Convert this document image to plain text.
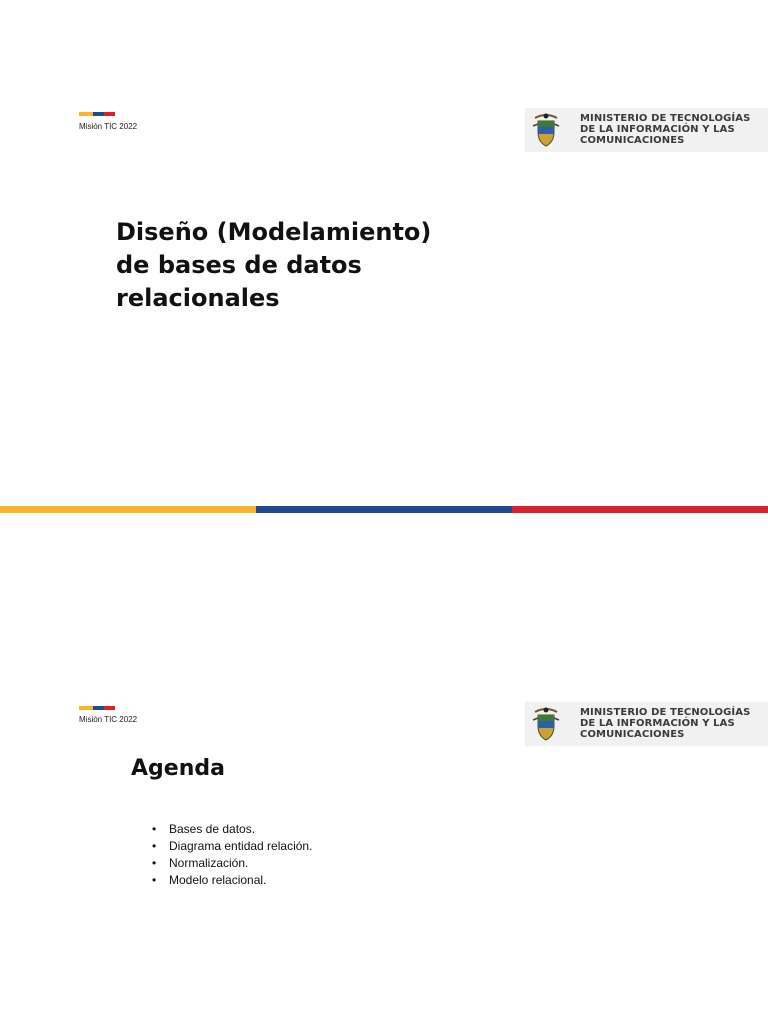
Misión TIC 2022
MINISTERIO DE TECNOLOGÍAS
DE LA INFORMACIÓN Y LAS
COMUNICACIONES
Diseño (Modelamiento)
de bases de datos
relacionales
Misión TIC 2022
MINISTERIO DE TECNOLOGÍAS
DE LA INFORMACIÓN Y LAS
COMUNICACIONES
Agenda
• Bases de datos.
• Diagrama entidad relación.
• Normalización.
• Modelo relacional.
